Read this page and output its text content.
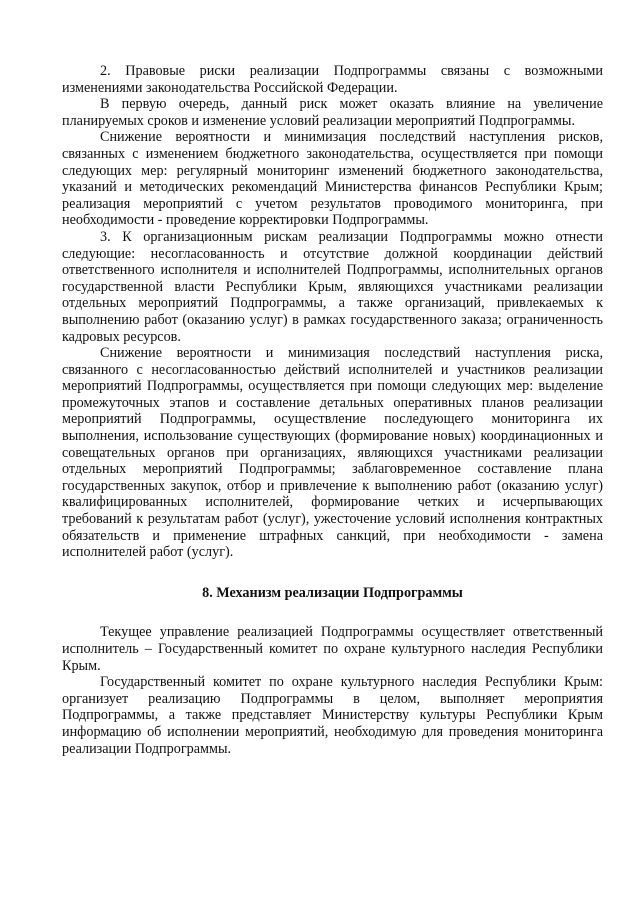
2. Правовые риски реализации Подпрограммы связаны с возможными изменениями законодательства Российской Федерации.

В первую очередь, данный риск может оказать влияние на увеличение планируемых сроков и изменение условий реализации мероприятий Подпрограммы.

Снижение вероятности и минимизация последствий наступления рисков, связанных с изменением бюджетного законодательства, осуществляется при помощи следующих мер: регулярный мониторинг изменений бюджетного законодательства, указаний и методических рекомендаций Министерства финансов Республики Крым; реализация мероприятий с учетом результатов проводимого мониторинга, при необходимости - проведение корректировки Подпрограммы.

3. К организационным рискам реализации Подпрограммы можно отнести следующие: несогласованность и отсутствие должной координации действий ответственного исполнителя и исполнителей Подпрограммы, исполнительных органов государственной власти Республики Крым, являющихся участниками реализации отдельных мероприятий Подпрограммы, а также организаций, привлекаемых к выполнению работ (оказанию услуг) в рамках государственного заказа; ограниченность кадровых ресурсов.

Снижение вероятности и минимизация последствий наступления риска, связанного с несогласованностью действий исполнителей и участников реализации мероприятий Подпрограммы, осуществляется при помощи следующих мер: выделение промежуточных этапов и составление детальных оперативных планов реализации мероприятий Подпрограммы, осуществление последующего мониторинга их выполнения, использование существующих (формирование новых) координационных и совещательных органов при организациях, являющихся участниками реализации отдельных мероприятий Подпрограммы; заблаговременное составление плана государственных закупок, отбор и привлечение к выполнению работ (оказанию услуг) квалифицированных исполнителей, формирование четких и исчерпывающих требований к результатам работ (услуг), ужесточение условий исполнения контрактных обязательств и применение штрафных санкций, при необходимости - замена исполнителей работ (услуг).

8. Механизм реализации Подпрограммы

Текущее управление реализацией Подпрограммы осуществляет ответственный исполнитель – Государственный комитет по охране культурного наследия Республики Крым.

Государственный комитет по охране культурного наследия Республики Крым: организует реализацию Подпрограммы в целом, выполняет мероприятия Подпрограммы, а также представляет Министерству культуры Республики Крым информацию об исполнении мероприятий, необходимую для проведения мониторинга реализации Подпрограммы.
